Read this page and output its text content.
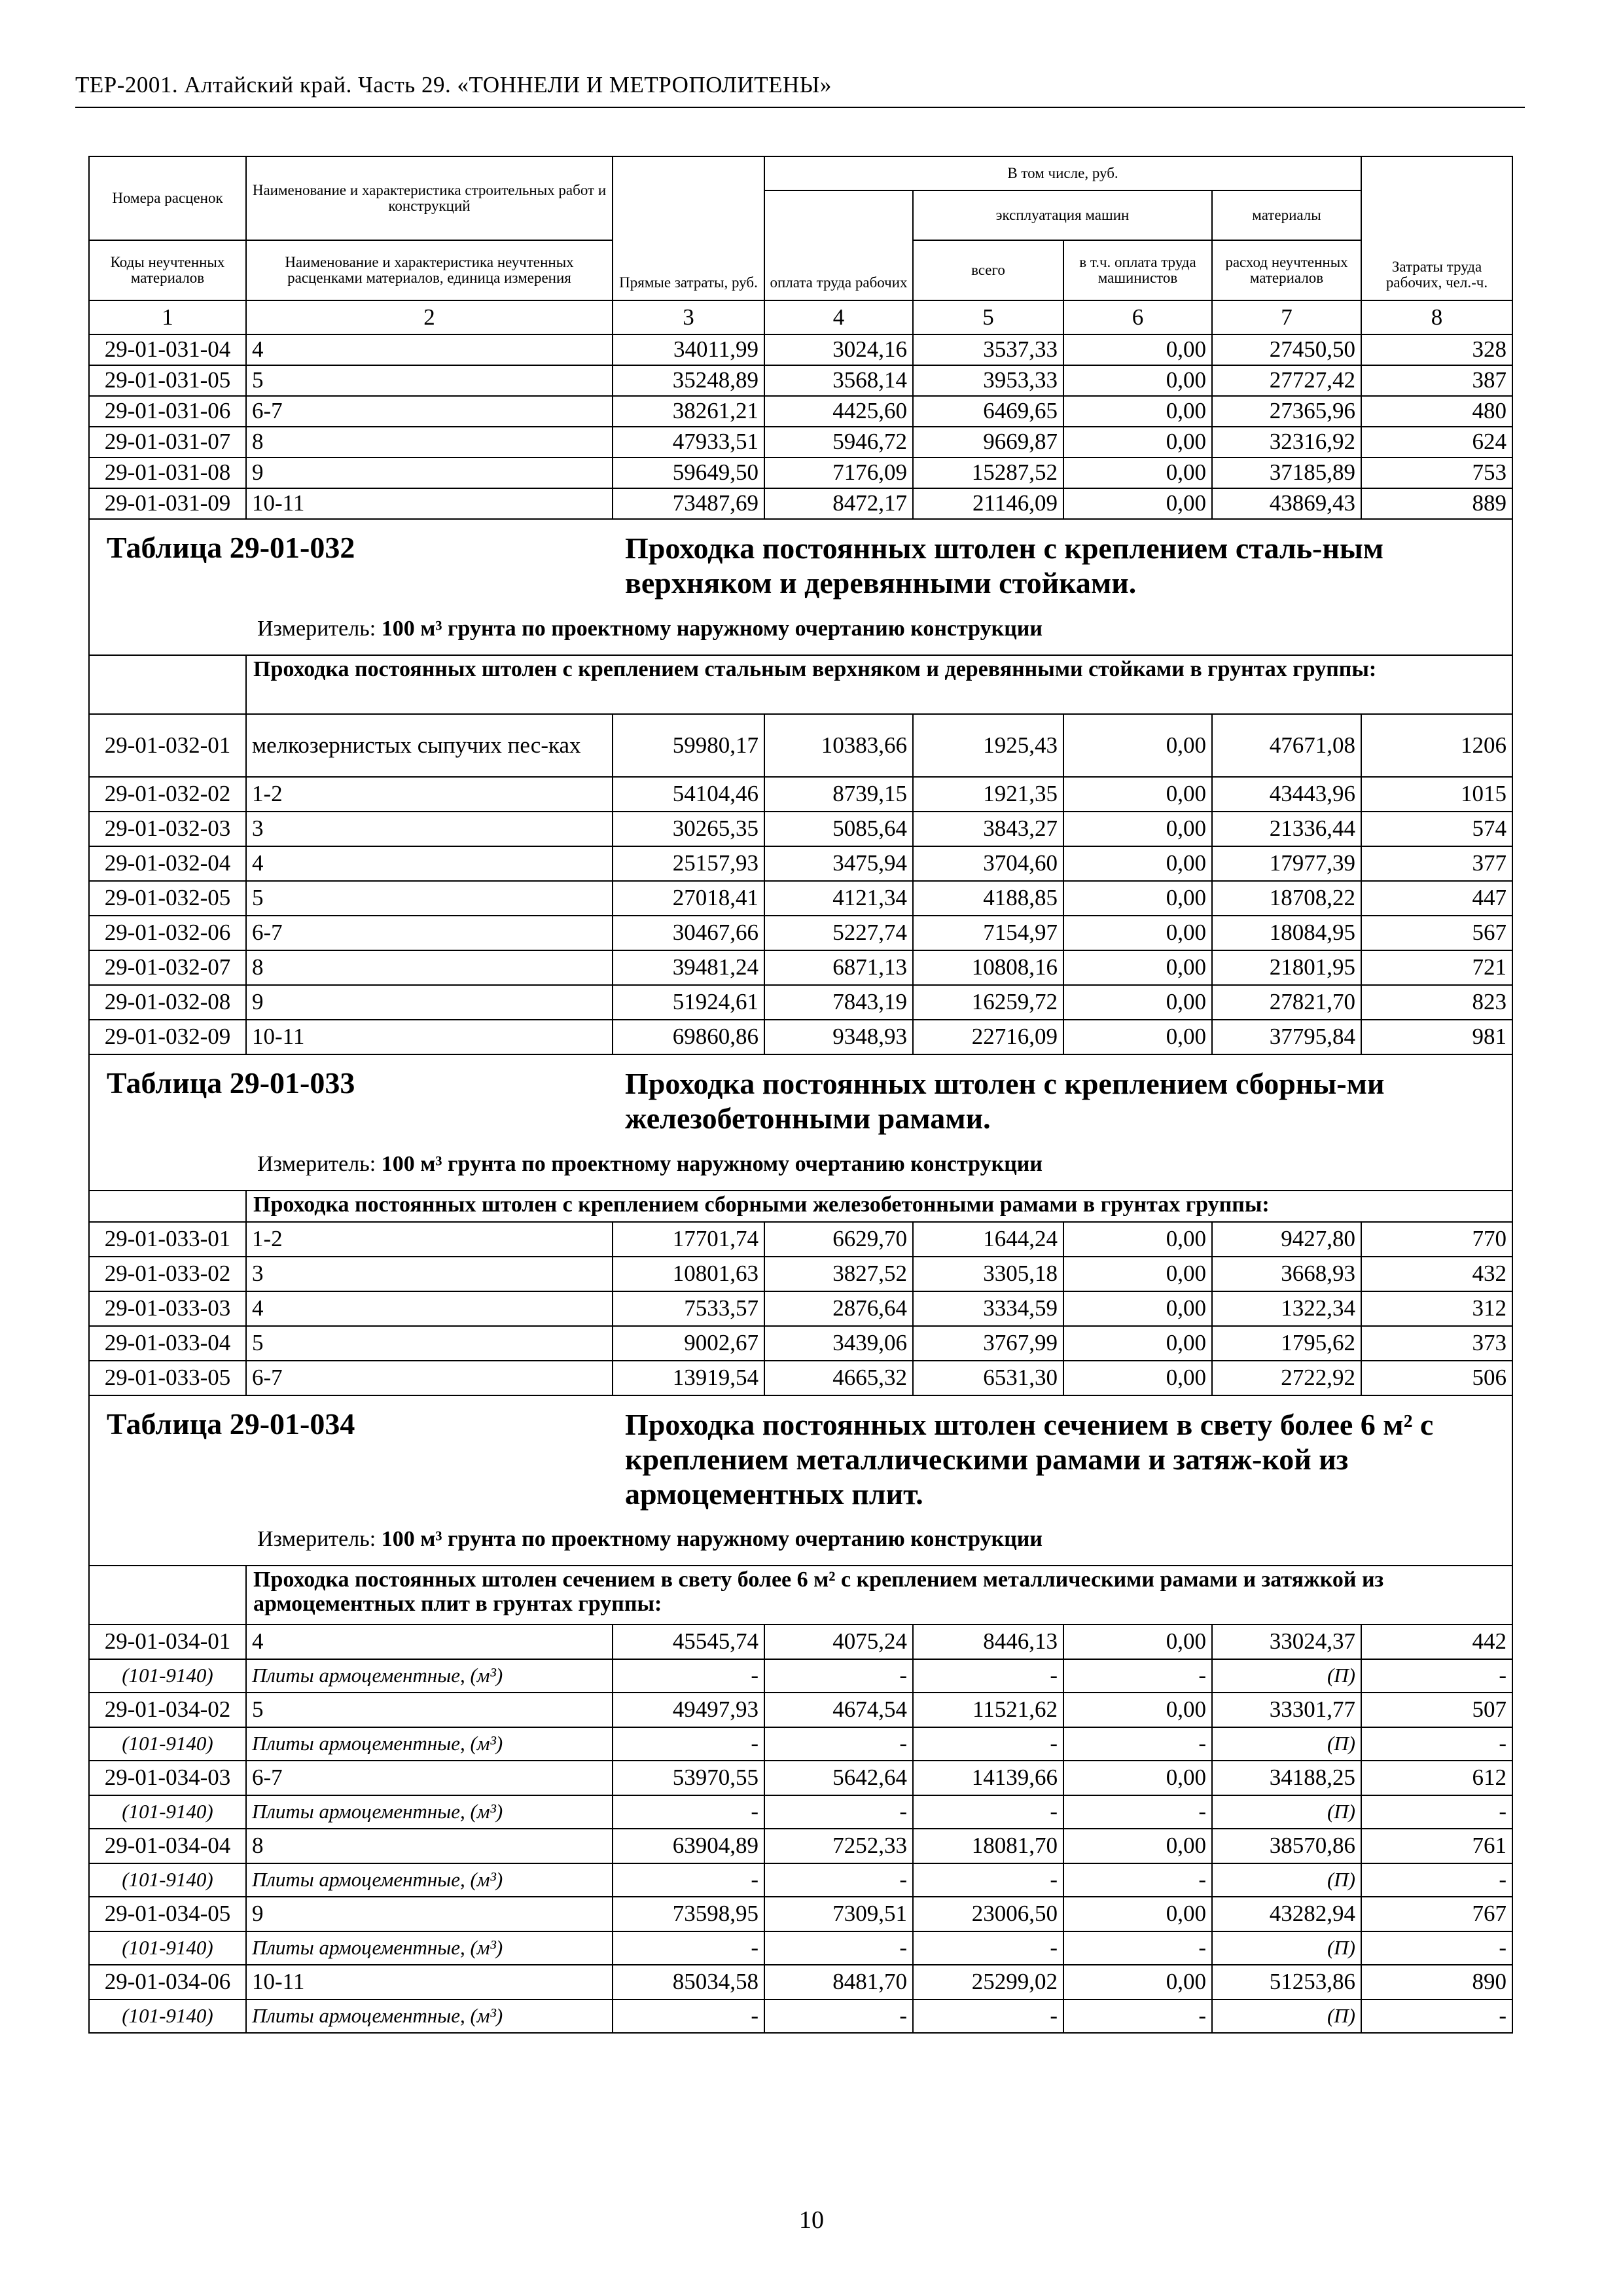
ТЕР-2001. Алтайский край. Часть 29. «ТОННЕЛИ И МЕТРОПОЛИТЕНЫ»
Номера расценок	Наименование и характеристика строительных работ и конструкций	Прямые затраты, руб.	В том числе, руб.				Затраты труда рабочих, чел.-ч.
			оплата труда рабочих	эксплуатация машин		материалы	
Коды неучтенных материалов	Наименование и характеристика неучтенных расценками материалов, единица измерения			всего	в т.ч. оплата труда машинистов	расход неучтенных материалов	
1	2	3	4	5	6	7	8
29-01-031-04	4	34011,99	3024,16	3537,33	0,00	27450,50	328
29-01-031-05	5	35248,89	3568,14	3953,33	0,00	27727,42	387
29-01-031-06	6-7	38261,21	4425,60	6469,65	0,00	27365,96	480
29-01-031-07	8	47933,51	5946,72	9669,87	0,00	32316,92	624
29-01-031-08	9	59649,50	7176,09	15287,52	0,00	37185,89	753
29-01-031-09	10-11	73487,69	8472,17	21146,09	0,00	43869,43	889

Таблица 29-01-032 Проходка постоянных штолен с креплением сталь-ным верхняком и деревянными стойками.
Измеритель: 100 м³ грунта по проектному наружному очертанию конструкции							

	Проходка постоянных штолен с креплением стальным верхняком и деревянными стойками в грунтах группы:						
29-01-032-01	мелкозернистых сыпучих пес-ках	59980,17	10383,66	1925,43	0,00	47671,08	1206
29-01-032-02	1-2	54104,46	8739,15	1921,35	0,00	43443,96	1015
29-01-032-03	3	30265,35	5085,64	3843,27	0,00	21336,44	574
29-01-032-04	4	25157,93	3475,94	3704,60	0,00	17977,39	377
29-01-032-05	5	27018,41	4121,34	4188,85	0,00	18708,22	447
29-01-032-06	6-7	30467,66	5227,74	7154,97	0,00	18084,95	567
29-01-032-07	8	39481,24	6871,13	10808,16	0,00	21801,95	721
29-01-032-08	9	51924,61	7843,19	16259,72	0,00	27821,70	823
29-01-032-09	10-11	69860,86	9348,93	22716,09	0,00	37795,84	981

Таблица 29-01-033 Проходка постоянных штолен с креплением сборны-ми железобетонными рамами.
Измеритель: 100 м³ грунта по проектному наружному очертанию конструкции							

	Проходка постоянных штолен с креплением сборными железобетонными рамами в грунтах группы:						
29-01-033-01	1-2	17701,74	6629,70	1644,24	0,00	9427,80	770
29-01-033-02	3	10801,63	3827,52	3305,18	0,00	3668,93	432
29-01-033-03	4	7533,57	2876,64	3334,59	0,00	1322,34	312
29-01-033-04	5	9002,67	3439,06	3767,99	0,00	1795,62	373
29-01-033-05	6-7	13919,54	4665,32	6531,30	0,00	2722,92	506

Таблица 29-01-034 Проходка постоянных штолен сечением в свету более 6 м² с креплением металлическими рамами и затяж-кой из армоцементных плит.
Измеритель: 100 м³ грунта по проектному наружному очертанию конструкции							

	Проходка постоянных штолен сечением в свету более 6 м² с креплением металлическими рамами и затяжкой из армоцементных плит в грунтах группы:						
29-01-034-01	4	45545,74	4075,24	8446,13	0,00	33024,37	442
(101-9140)	Плиты армоцементные, (м³)	-	-	-	-	(П)	-
29-01-034-02	5	49497,93	4674,54	11521,62	0,00	33301,77	507
(101-9140)	Плиты армоцементные, (м³)	-	-	-	-	(П)	-
29-01-034-03	6-7	53970,55	5642,64	14139,66	0,00	34188,25	612
(101-9140)	Плиты армоцементные, (м³)	-	-	-	-	(П)	-
29-01-034-04	8	63904,89	7252,33	18081,70	0,00	38570,86	761
(101-9140)	Плиты армоцементные, (м³)	-	-	-	-	(П)	-
29-01-034-05	9	73598,95	7309,51	23006,50	0,00	43282,94	767
(101-9140)	Плиты армоцементные, (м³)	-	-	-	-	(П)	-
29-01-034-06	10-11	85034,58	8481,70	25299,02	0,00	51253,86	890
(101-9140)	Плиты армоцементные, (м³)	-	-	-	-	(П)	-
10
